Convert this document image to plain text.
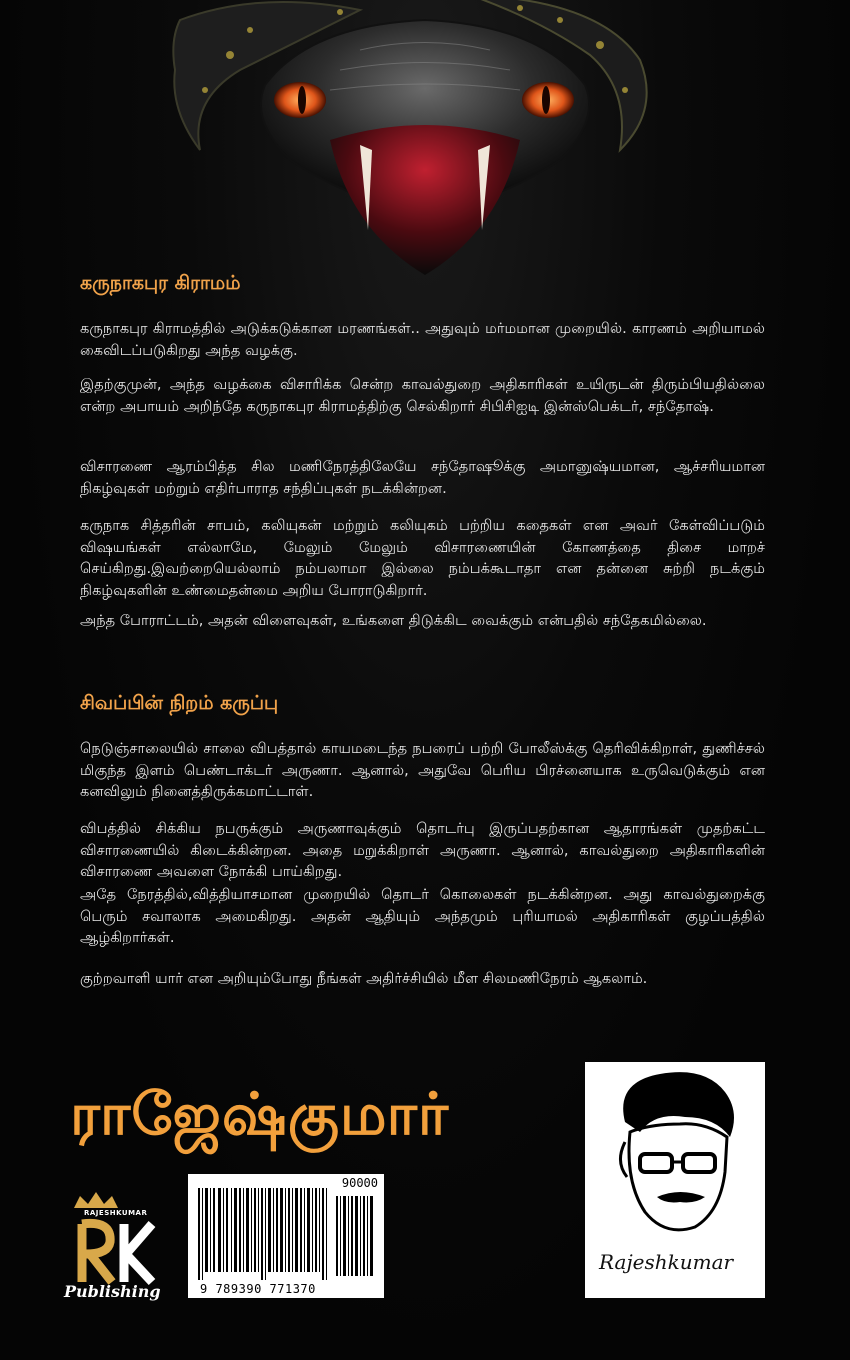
கருநாகபுர கிராமம்

கருநாகபுர கிராமத்தில் அடுக்கடுக்கான மரணங்கள்.. அதுவும் மர்மமான முறையில். காரணம் அறியாமல் கைவிடப்படுகிறது அந்த வழக்கு.

இதற்குமுன், அந்த வழக்கை விசாரிக்க சென்ற காவல்துறை அதிகாரிகள் உயிருடன் திரும்பியதில்லை என்ற அபாயம் அறிந்தே கருநாகபுர கிராமத்திற்கு செல்கிறார் சிபிசிஐடி இன்ஸ்பெக்டர், சந்தோஷ்.

விசாரணை ஆரம்பித்த சில மணிநேரத்திலேயே சந்தோஷூக்கு அமானுஷ்யமான, ஆச்சரியமான நிகழ்வுகள் மற்றும் எதிர்பாராத சந்திப்புகள் நடக்கின்றன.

கருநாக சித்தரின் சாபம், கலியுகன் மற்றும் கலியுகம் பற்றிய கதைகள் என அவர் கேள்விப்படும் விஷயங்கள் எல்லாமே, மேலும் மேலும் விசாரணையின் கோணத்தை திசை மாறச் செய்கிறது.இவற்றையெல்லாம் நம்பலாமா இல்லை நம்பக்கூடாதா என தன்னை சுற்றி நடக்கும் நிகழ்வுகளின் உண்மைதன்மை அறிய போராடுகிறார்.

அந்த போராட்டம், அதன் விளைவுகள், உங்களை திடுக்கிட வைக்கும் என்பதில் சந்தேகமில்லை.

சிவப்பின் நிறம் கருப்பு

நெடுஞ்சாலையில் சாலை விபத்தால் காயமடைந்த நபரைப் பற்றி போலீஸ்க்கு தெரிவிக்கிறாள், துணிச்சல் மிகுந்த இளம் பெண்டாக்டர் அருணா. ஆனால், அதுவே பெரிய பிரச்னையாக உருவெடுக்கும் என கனவிலும் நினைத்திருக்கமாட்டாள்.

விபத்தில் சிக்கிய நபருக்கும் அருணாவுக்கும் தொடர்பு இருப்பதற்கான ஆதாரங்கள் முதற்கட்ட விசாரணையில் கிடைக்கின்றன. அதை மறுக்கிறாள் அருணா. ஆனால், காவல்துறை அதிகாரிகளின் விசாரணை அவளை நோக்கி பாய்கிறது.

அதே நேரத்தில்,வித்தியாசமான முறையில் தொடர் கொலைகள் நடக்கின்றன. அது காவல்துறைக்கு பெரும் சவாலாக அமைகிறது. அதன் ஆதியும் அந்தமும் புரியாமல் அதிகாரிகள் குழப்பத்தில் ஆழ்கிறார்கள்.

குற்றவாளி யார் என அறியும்போது நீங்கள் அதிர்ச்சியில் மீள சிலமணிநேரம் ஆகலாம்.

ராஜேஷ்குமார்
Rajeshkumar
90000
9 789390 771370
RAJESHKUMAR
Publishing
